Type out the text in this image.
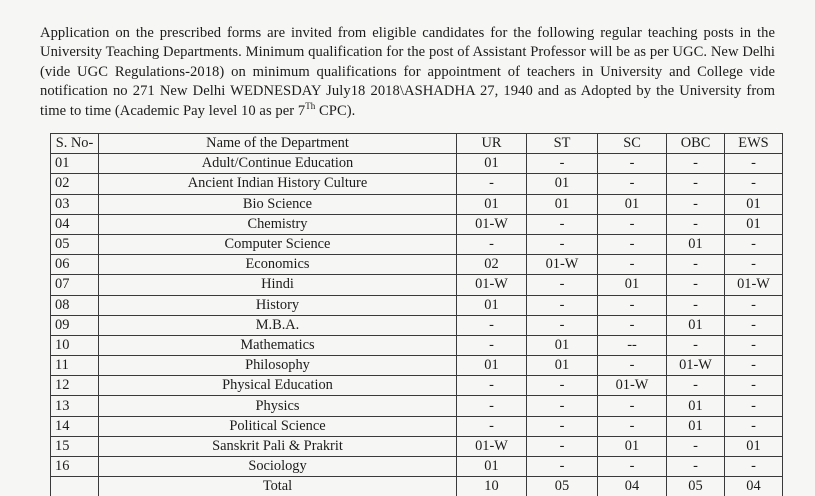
Application on the prescribed forms are invited from eligible candidates for the following regular teaching posts in the University Teaching Departments. Minimum qualification for the post of Assistant Professor will be as per UGC. New Delhi (vide UGC Regulations-2018) on minimum qualifications for appointment of teachers in University and College vide notification no 271 New Delhi WEDNESDAY July18 2018\ASHADHA 27, 1940 and as Adopted by the University from time to time (Academic Pay level 10 as per 7Th CPC).

S. No-	Name of the Department	UR	ST	SC	OBC	EWS
01	Adult/Continue Education	01	-	-	-	-
02	Ancient Indian History Culture	-	01	-	-	-
03	Bio Science	01	01	01	-	01
04	Chemistry	01-W	-	-	-	01
05	Computer Science	-	-	-	01	-
06	Economics	02	01-W	-	-	-
07	Hindi	01-W	-	01	-	01-W
08	History	01	-	-	-	-
09	M.B.A.	-	-	-	01	-
10	Mathematics	-	01	--	-	-
11	Philosophy	01	01	-	01-W	-
12	Physical Education	-	-	01-W	-	-
13	Physics	-	-	-	01	-
14	Political Science	-	-	-	01	-
15	Sanskrit Pali & Prakrit	01-W	-	01	-	01
16	Sociology	01	-	-	-	-
	Total	10	05	04	05	04
